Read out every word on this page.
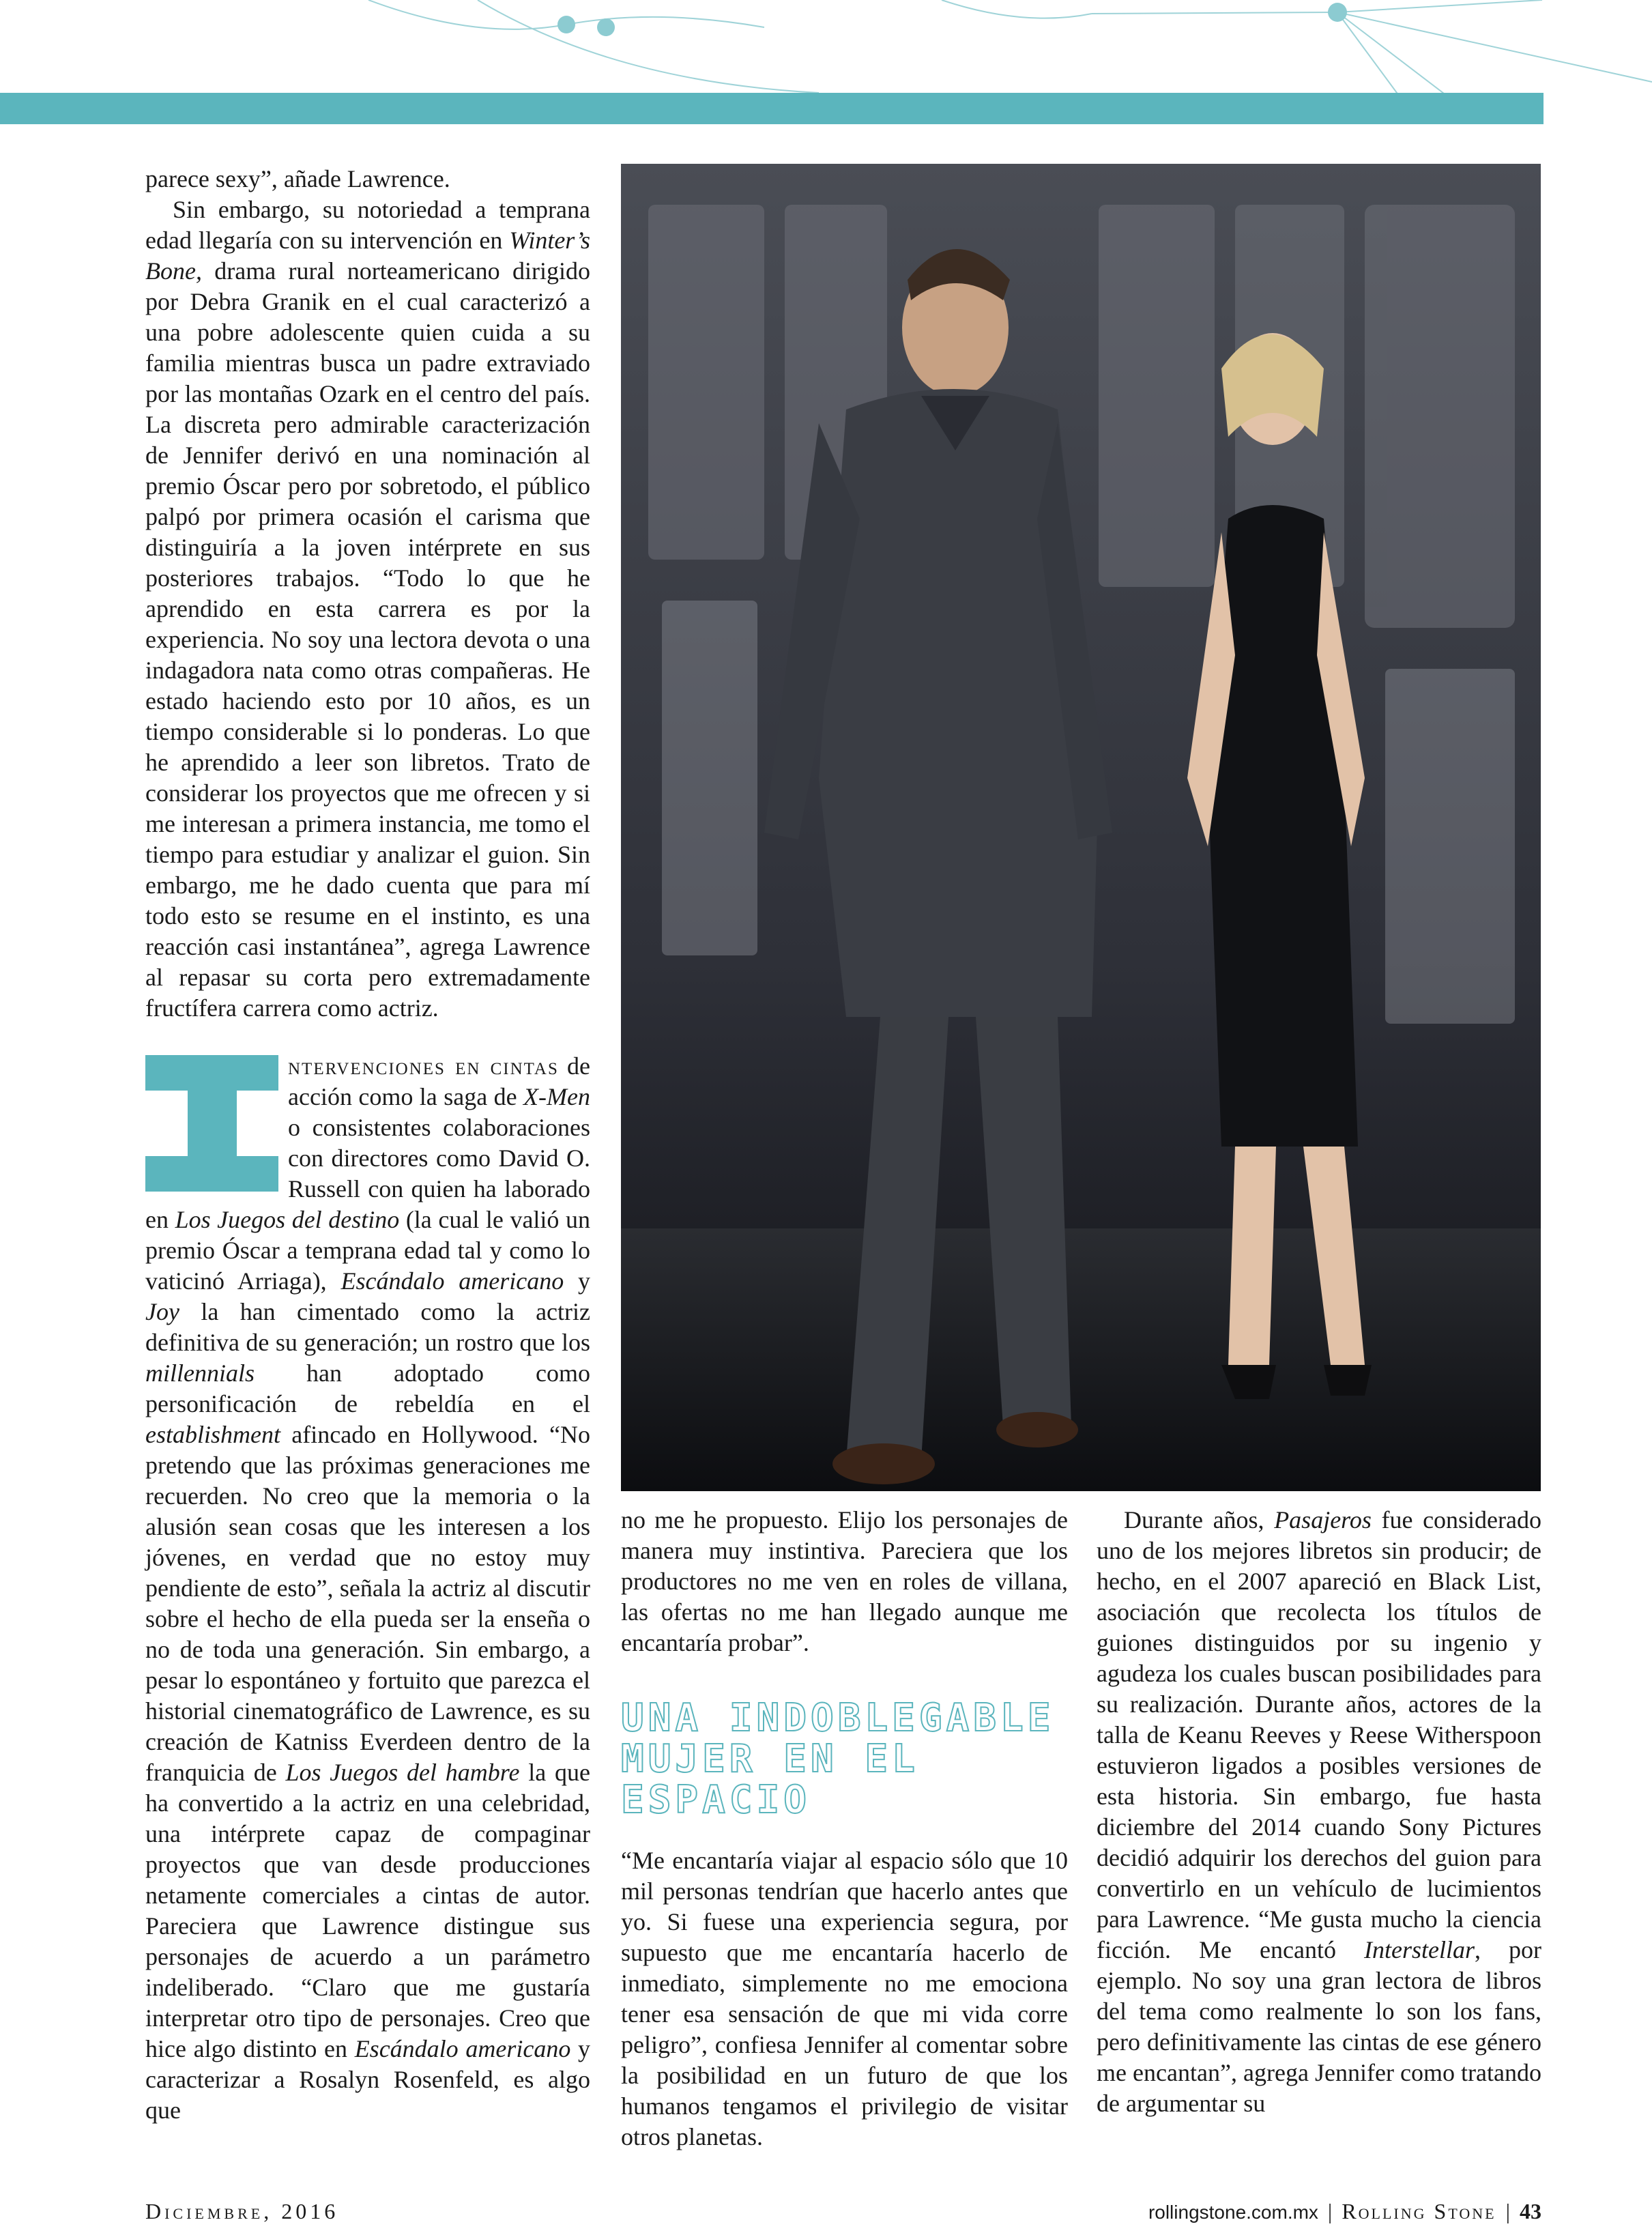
parece sexy”, añade Lawrence.

Sin embargo, su notoriedad a temprana edad llegaría con su intervención en Winter’s Bone, drama rural norteamericano dirigido por Debra Granik en el cual caracterizó a una pobre adolescente quien cuida a su familia mientras busca un padre extraviado por las montañas Ozark en el centro del país. La discreta pero admirable caracterización de Jennifer derivó en una nominación al premio Óscar pero por sobretodo, el público palpó por primera ocasión el carisma que distinguiría a la joven intérprete en sus posteriores trabajos. “Todo lo que he aprendido en esta carrera es por la experiencia. No soy una lectora devota o una indagadora nata como otras compañeras. He estado haciendo esto por 10 años, es un tiempo considerable si lo ponderas. Lo que he aprendido a leer son libretos. Trato de considerar los proyectos que me ofrecen y si me interesan a primera instancia, me tomo el tiempo para estudiar y analizar el guion. Sin embargo, me he dado cuenta que para mí todo esto se resume en el instinto, es una reacción casi instantánea”, agrega Lawrence al repasar su corta pero extremadamente fructífera carrera como actriz.

ntervenciones en cintas de acción como la saga de X-Men o consistentes colaboraciones con directores como David O. Russell con quien ha laborado en Los Juegos del destino (la cual le valió un premio Óscar a temprana edad tal y como lo vaticinó Arriaga), Escándalo americano y Joy la han cimentado como la actriz definitiva de su generación; un rostro que los millennials han adoptado como personificación de rebeldía en el establishment afincado en Hollywood. “No pretendo que las próximas generaciones me recuerden. No creo que la memoria o la alusión sean cosas que les interesen a los jóvenes, en verdad que no estoy muy pendiente de esto”, señala la actriz al discutir sobre el hecho de ella pueda ser la enseña o no de toda una generación. Sin embargo, a pesar lo espontáneo y fortuito que parezca el historial cinematográfico de Lawrence, es su creación de Katniss Everdeen dentro de la franquicia de Los Juegos del hambre la que ha convertido a la actriz en una celebridad, una intérprete capaz de compaginar proyectos que van desde producciones netamente comerciales a cintas de autor. Pareciera que Lawrence distingue sus personajes de acuerdo a un parámetro indeliberado. “Claro que me gustaría interpretar otro tipo de personajes. Creo que hice algo distinto en Escándalo americano y caracterizar a Rosalyn Rosenfeld, es algo que

no me he propuesto. Elijo los personajes de manera muy instintiva. Pareciera que los productores no me ven en roles de villana, las ofertas no me han llegado aunque me encantaría probar”.

UNA INDOBLEGABLE MUJER EN EL ESPACIO

“Me encantaría viajar al espacio sólo que 10 mil personas tendrían que hacerlo antes que yo. Si fuese una experiencia segura, por supuesto que me encantaría hacerlo de inmediato, simplemente no me emociona tener esa sensación de que mi vida corre peligro”, confiesa Jennifer al comentar sobre la posibilidad en un futuro de que los humanos tengamos el privilegio de visitar otros planetas.

Durante años, Pasajeros fue considerado uno de los mejores libretos sin producir; de hecho, en el 2007 apareció en Black List, asociación que recolecta los títulos de guiones distinguidos por su ingenio y agudeza los cuales buscan posibilidades para su realización. Durante años, actores de la talla de Keanu Reeves y Reese Witherspoon estuvieron ligados a posibles versiones de esta historia. Sin embargo, fue hasta diciembre del 2014 cuando Sony Pictures decidió adquirir los derechos del guion para convertirlo en un vehículo de lucimientos para Lawrence. “Me gusta mucho la ciencia ficción. Me encantó Interstellar, por ejemplo. No soy una gran lectora de libros del tema como realmente lo son los fans, pero definitivamente las cintas de ese género me encantan”, agrega Jennifer como tratando de argumentar su

Diciembre, 2016	rollingstone.com.mx | Rolling Stone | 43
